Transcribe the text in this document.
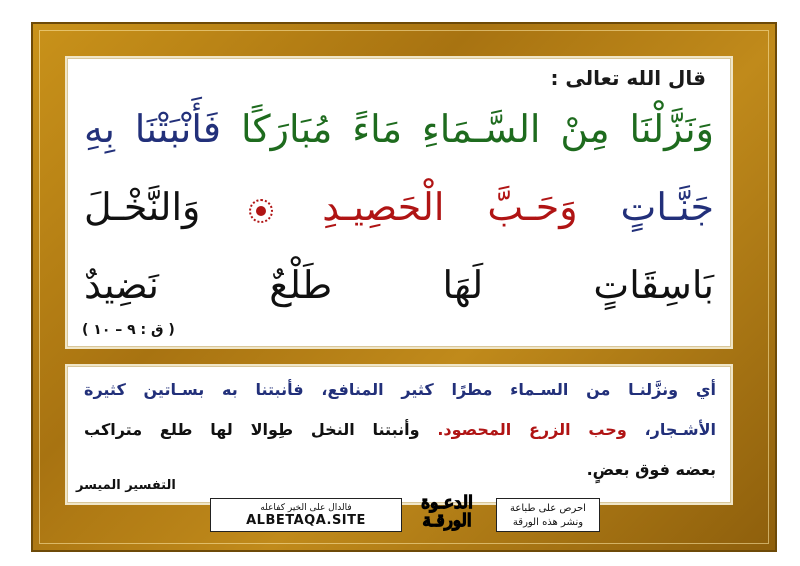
قال الله تعالى :
وَنَزَّلْنَا مِنْ السَّـمَاءِ مَاءً مُبَارَكًا فَأَنْبَتْنَا بِهِ
جَنَّـاتٍ وَحَـبَّ الْحَصِيـدِ  وَالنَّخْـلَ
بَاسِقَاتٍ لَهَا طَلْعٌ نَضِيدٌ
( ق : ٩ – ١٠ )
أي ونزَّلنـا من السـماء مطرًا كثير المنافع، فأنبتنا به بسـاتين كثيرة
الأشـجار، وحب الزرع المحصود. وأنبتنا النخل طِوالا لها طلع متراكب
بعضه فوق بعضٍ.
التفسير الميسر
احرص على طباعة
ونشر هذه الورقة
الدعـوة
الورقـة
فالدال على الخير كفاعله
ALBETAQA.SITE
